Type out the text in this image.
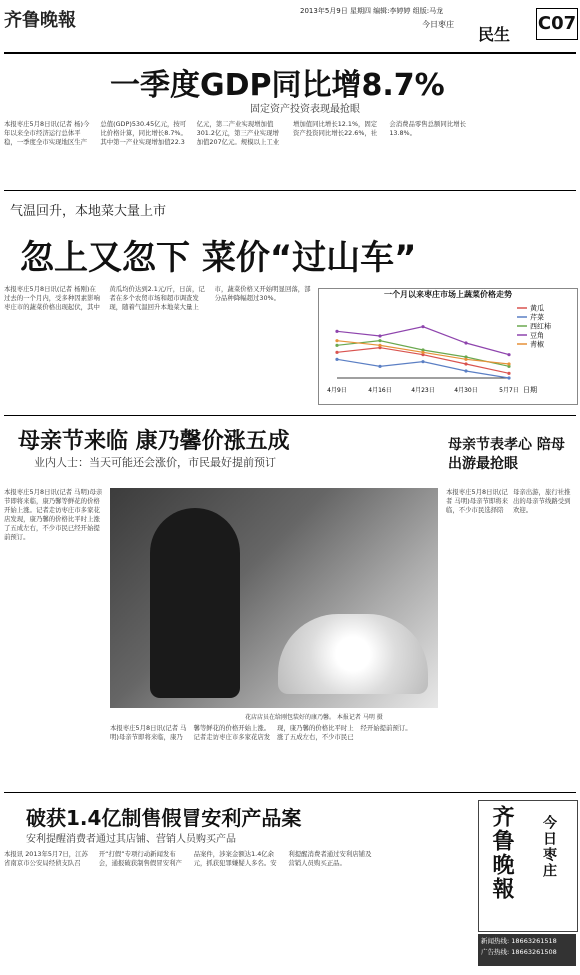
齐鲁晚報	2013年5月9日 星期四 编辑:李婷婷 组版:马龙
今日枣庄
民生
C07
一季度GDP同比增8.7%
固定资产投资表现最抢眼

本报枣庄5月8日讯(记者 杨)今年以来全市经济运行总体平稳，一季度全市实现地区生产总值(GDP)530.45亿元，按可比价格计算，同比增长8.7%。其中第一产业实现增加值22.3亿元，第二产业实现增加值301.2亿元，第三产业实现增加值207亿元。规模以上工业增加值同比增长12.1%，固定资产投资同比增长22.6%，社会消费品零售总额同比增长13.8%。

气温回升，本地菜大量上市
忽上又忽下 菜价“过山车”

本报枣庄5月8日讯(记者 杨刚)在过去的一个月内，受多种因素影响枣庄市的蔬菜价格出现起伏，其中黄瓜均价达到2.1元/斤，日前，记者在多个农贸市场和超市调查发现，随着气温回升本地菜大量上市，蔬菜价格又开始明显回落，部分品种降幅超过30%。	一个月以来枣庄市场上蔬菜价格走势
4月9日	4月16日	4月23日	4月30日	5月7日 日期
黄瓜
芹菜
西红柿
豆角
青椒
母亲节来临 康乃馨价涨五成
业内人士：当天可能还会涨价，市民最好提前预订

本报枣庄5月8日讯(记者 马明)母亲节即将来临，康乃馨等鲜花的价格开始上涨。记者走访枣庄市多家花店发现，康乃馨的价格比平时上涨了五成左右，不少市民已经开始提前预订。

花店店员在给刚包装好的康乃馨。 本报记者 马明 摄

本报枣庄5月8日讯(记者 马明)母亲节即将来临，康乃馨等鲜花的价格开始上涨。记者走访枣庄市多家花店发现，康乃馨的价格比平时上涨了五成左右，不少市民已经开始提前预订。

母亲节表孝心 陪母出游最抢眼

本报枣庄5月8日讯(记者 马明)母亲节即将来临，不少市民选择陪母亲出游，旅行社推出的母亲节线路受到欢迎。

破获1.4亿制售假冒安利产品案
安利提醒消费者通过其店铺、营销人员购买产品

本报讯 2013年5月7日，江苏省南京市公安局经侦支队召开“打假”专项行动新闻发布会，通报破获制售假冒安利产品案件，涉案金额达1.4亿余元，抓获犯罪嫌疑人多名。安利提醒消费者通过安利店铺及营销人员购买正品。	齐鲁晚報 今日枣庄
新闻热线: 18663261518
广告热线: 18663261508
